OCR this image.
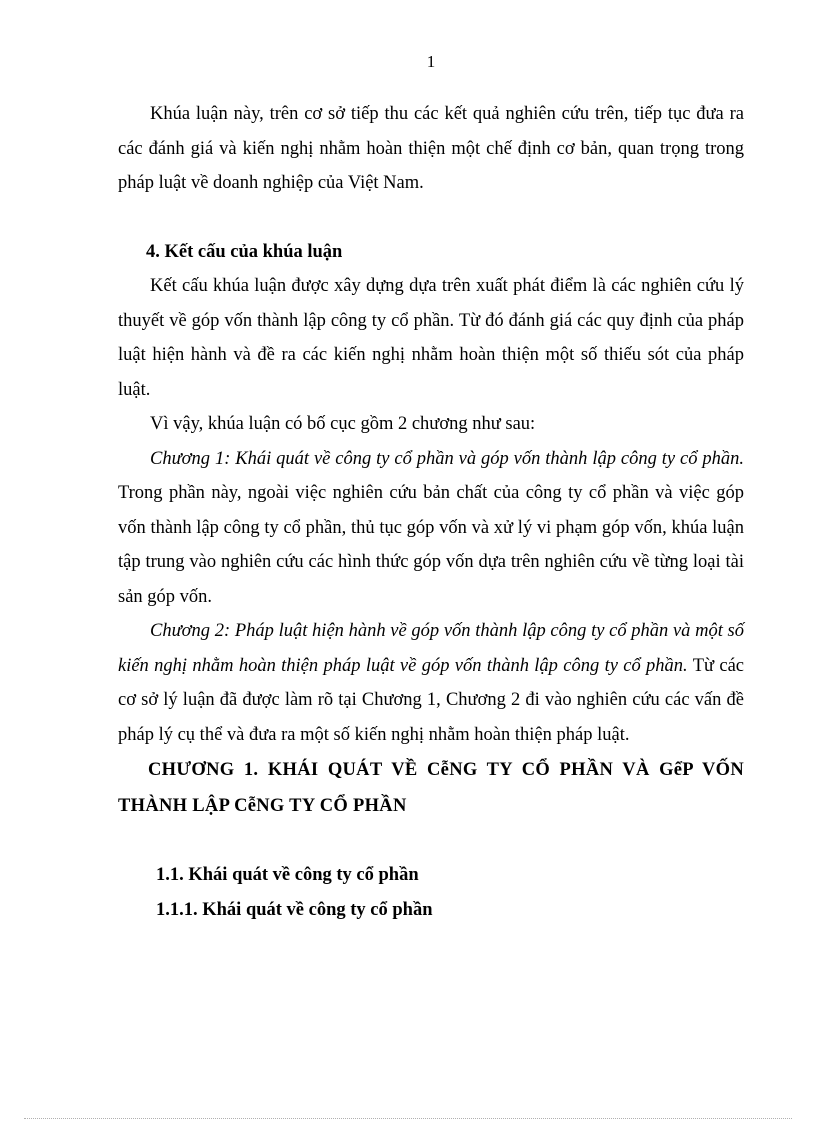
1

Khúa luận này, trên cơ sở tiếp thu các kết quả nghiên cứu trên, tiếp tục đưa ra các đánh giá và kiến nghị nhằm hoàn thiện một chế định cơ bản, quan trọng trong pháp luật về doanh nghiệp của Việt Nam.

4. Kết cấu của khúa luận

Kết cấu khúa luận được xây dựng dựa trên xuất phát điểm là các nghiên cứu lý thuyết về góp vốn thành lập công ty cổ phần. Từ đó đánh giá các quy định của pháp luật hiện hành và đề ra các kiến nghị nhằm hoàn thiện một số thiếu sót của pháp luật.

Vì vậy, khúa luận có bố cục gồm 2 chương như sau:

Chương 1: Khái quát về công ty cổ phần và góp vốn thành lập công ty cổ phần. Trong phần này, ngoài việc nghiên cứu bản chất của công ty cổ phần và việc góp vốn thành lập công ty cổ phần, thủ tục góp vốn và xử lý vi phạm góp vốn, khúa luận tập trung vào nghiên cứu các hình thức góp vốn dựa trên nghiên cứu về từng loại tài sản góp vốn.

Chương 2: Pháp luật hiện hành về góp vốn thành lập công ty cổ phần và một số kiến nghị nhằm hoàn thiện pháp luật về góp vốn thành lập công ty cổ phần. Từ các cơ sở lý luận đã được làm rõ tại Chương 1, Chương 2 đi vào nghiên cứu các vấn đề pháp lý cụ thể và đưa ra một số kiến nghị nhằm hoàn thiện pháp luật.

CHƯƠNG 1. KHÁI QUÁT VỀ CễNG TY CỔ PHẦN VÀ GểP VỐN THÀNH LẬP CễNG TY CỔ PHẦN

1.1. Khái quát về công ty cổ phần

1.1.1. Khái quát về công ty cổ phần
